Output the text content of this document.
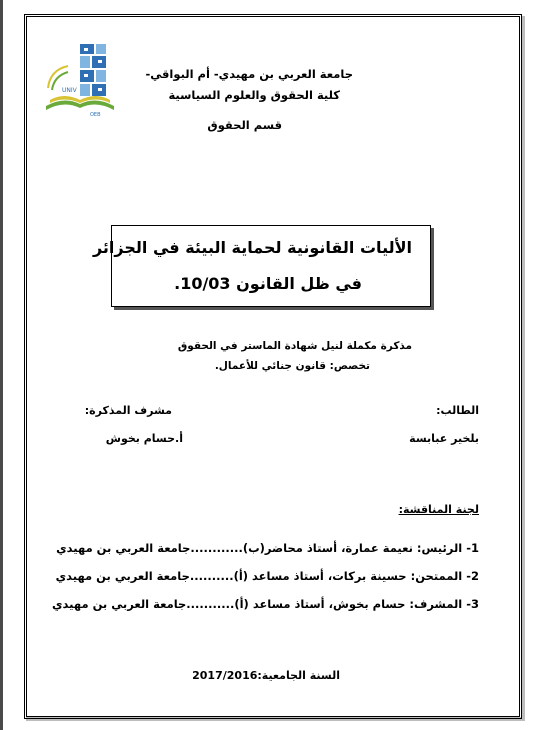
UNIV
OEB
جامعة العربي بن مهيدي- أم البواقي-
كلية الحقوق والعلوم السياسية
قسم الحقوق
الأليات القانونية لحماية البيئة في الجزائر
في ظل القانون 10/03.
مذكرة مكملة لنيل شهادة الماستر في الحقوق
تخصص: قانون جنائي للأعمال.
الطالب:
بلخير عبابسة
مشرف المذكرة:
أ.حسام بخوش
لجنة المناقشة:
1- الرئيس: نعيمة عمارة، أستاذ محاضر(ب)............جامعة العربي بن مهيدي
2- الممتحن: حسينة بركات، أستاذ مساعد (أ)..........جامعة العربي بن مهيدي
3- المشرف: حسام بخوش، أستاذ مساعد (أ)...........جامعة العربي بن مهيدي
السنة الجامعية:2017/2016
